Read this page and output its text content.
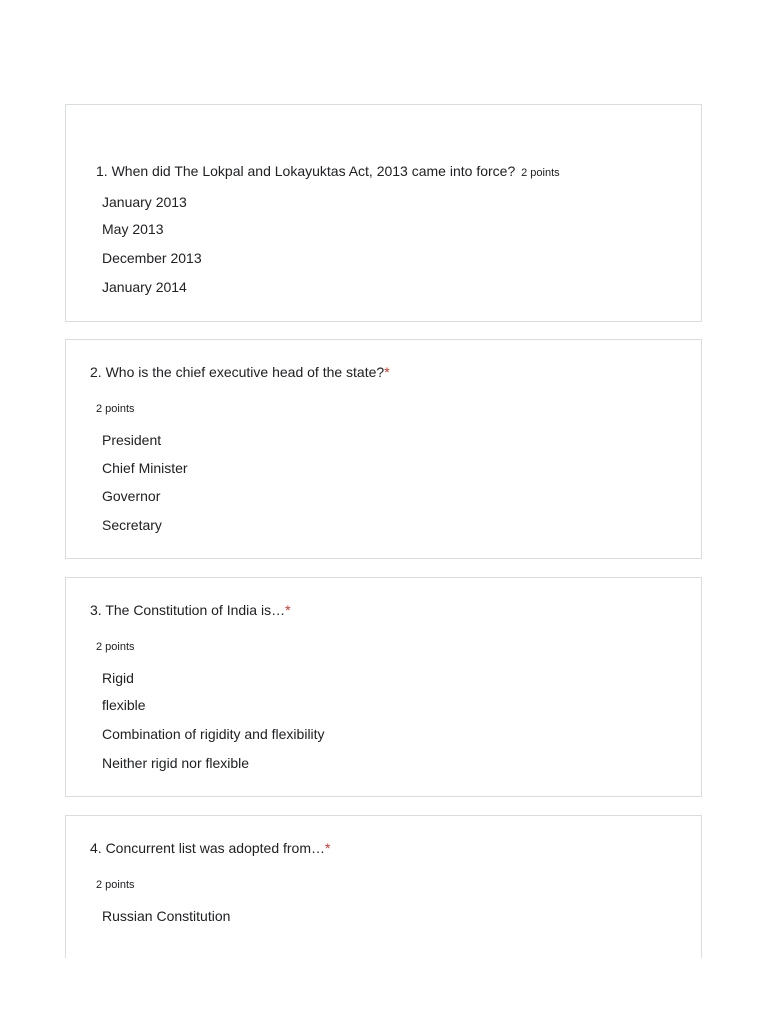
1. When did The Lokpal and Lokayuktas Act, 2013 came into force? 2 points
January 2013
May 2013
December 2013
January 2014
2. Who is the chief executive head of the state?*
2 points
President
Chief Minister
Governor
Secretary
3. The Constitution of India is…*
2 points
Rigid
flexible
Combination of rigidity and flexibility
Neither rigid nor flexible
4. Concurrent list was adopted from…*
2 points
Russian Constitution
